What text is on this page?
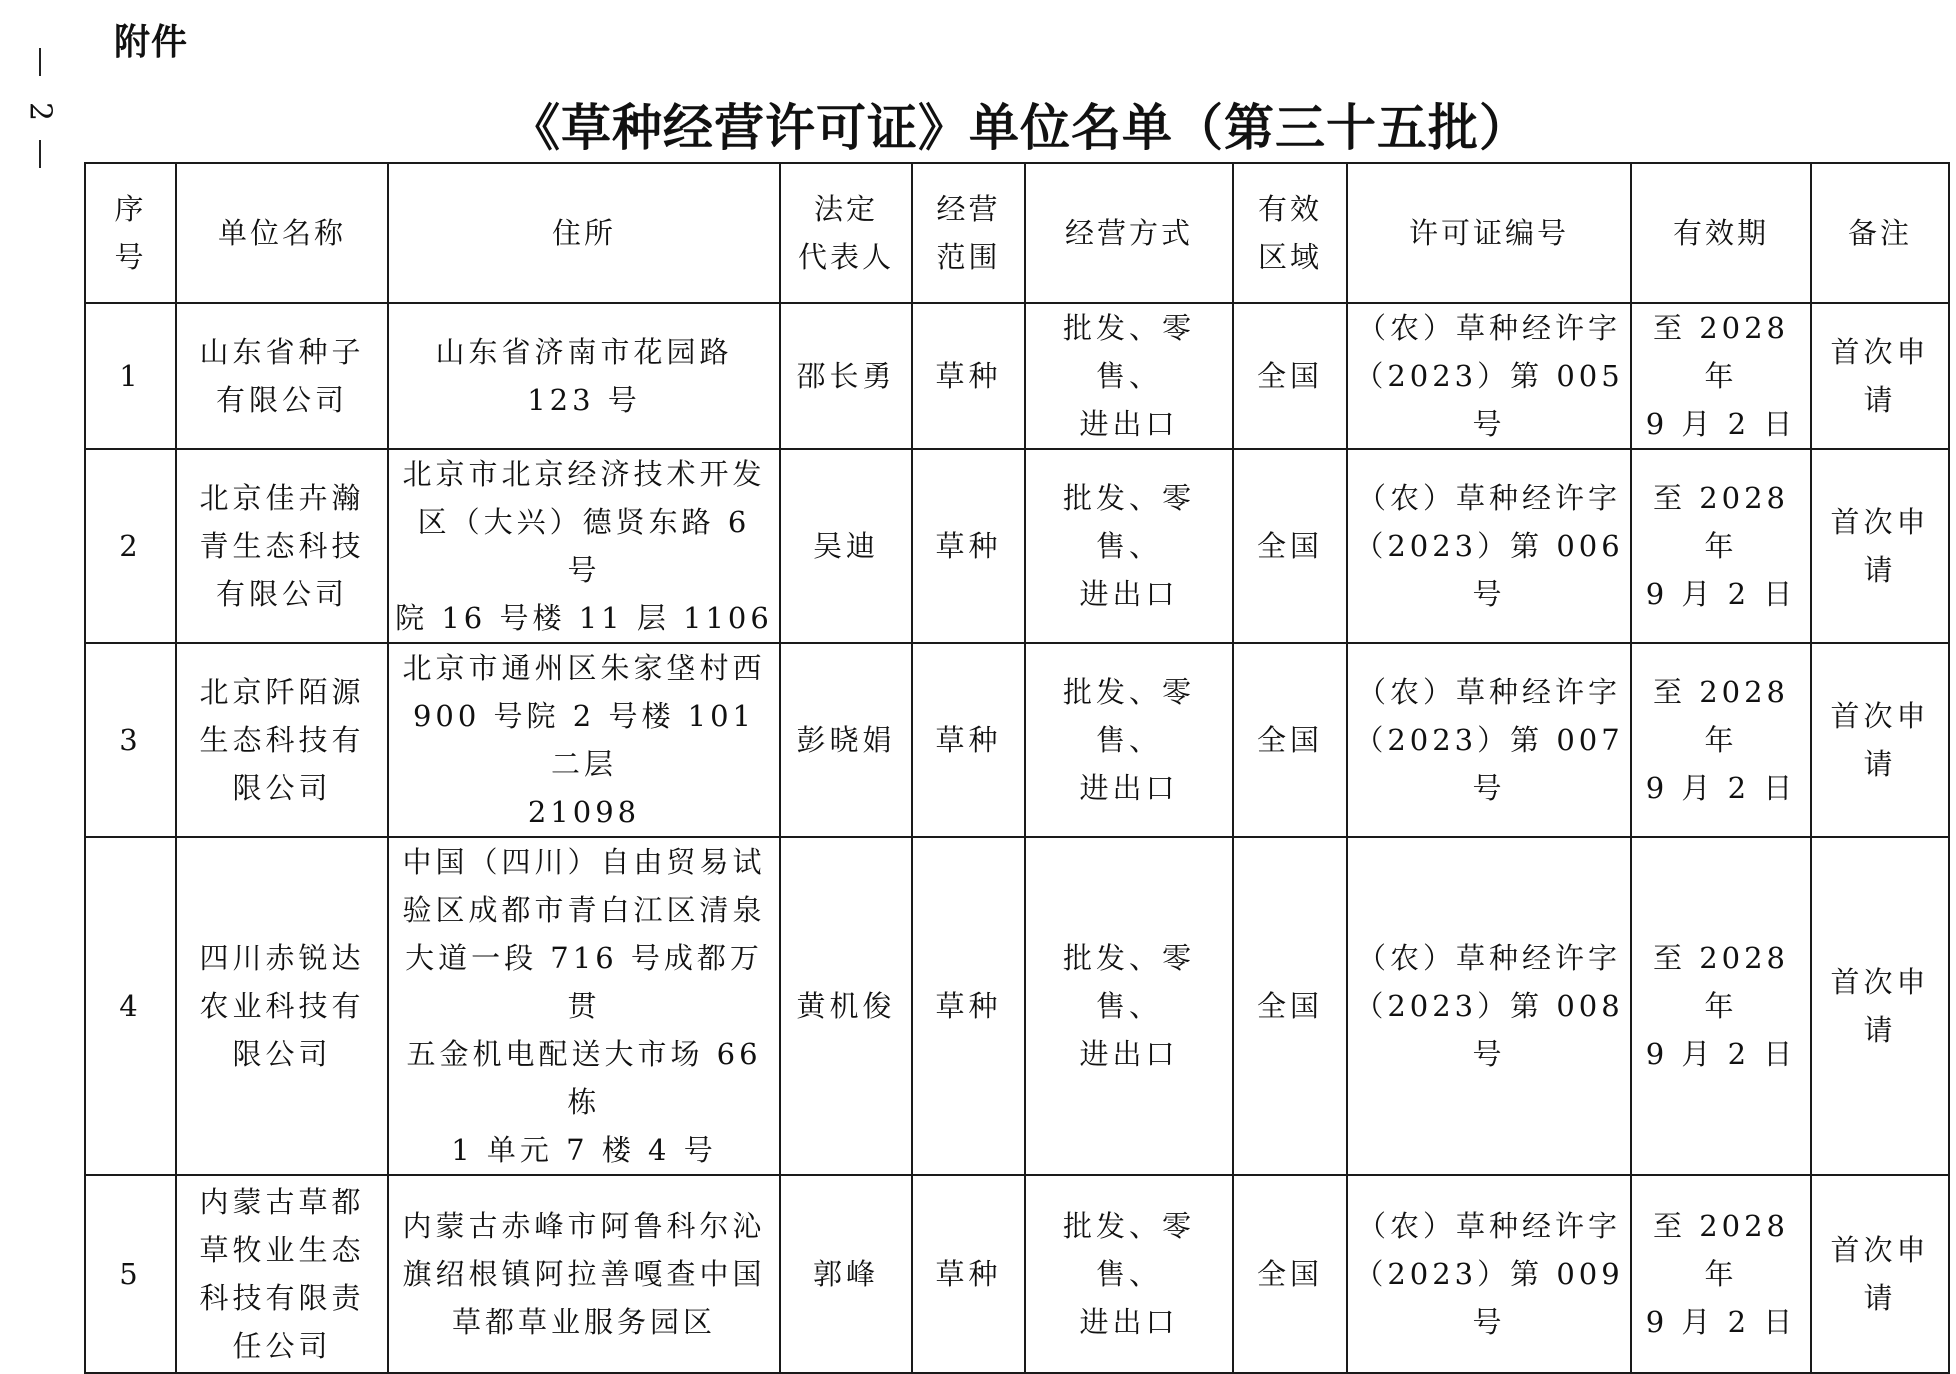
附件
2	《草种经营许可证》单位名单（第三十五批）
序
号	单位名称	住所	法定
代表人	经营
范围	经营方式	有效
区域	许可证编号	有效期	备注

1	山东省种子
有限公司	山东省济南市花园路
123 号	邵长勇	草种	批发、零售、
进出口	全国	（农）草种经许字
（2023）第 005 号	至 2028 年
9 月 2 日	首次申
请

2	北京佳卉瀚
青生态科技
有限公司	北京市北京经济技术开发
区（大兴）德贤东路 6 号
院 16 号楼 11 层 1106	吴迪	草种	批发、零售、
进出口	全国	（农）草种经许字
（2023）第 006 号	至 2028 年
9 月 2 日	首次申
请

3	北京阡陌源
生态科技有
限公司	北京市通州区朱家垡村西
900 号院 2 号楼 101 二层
21098	彭晓娟	草种	批发、零售、
进出口	全国	（农）草种经许字
（2023）第 007 号	至 2028 年
9 月 2 日	首次申
请

4	四川赤锐达
农业科技有
限公司	中国（四川）自由贸易试
验区成都市青白江区清泉
大道一段 716 号成都万贯
五金机电配送大市场 66 栋
1 单元 7 楼 4 号	黄机俊	草种	批发、零售、
进出口	全国	（农）草种经许字
（2023）第 008 号	至 2028 年
9 月 2 日	首次申
请

5	内蒙古草都
草牧业生态
科技有限责
任公司	内蒙古赤峰市阿鲁科尔沁
旗绍根镇阿拉善嘎查中国
草都草业服务园区	郭峰	草种	批发、零售、
进出口	全国	（农）草种经许字
（2023）第 009 号	至 2028 年
9 月 2 日	首次申
请
